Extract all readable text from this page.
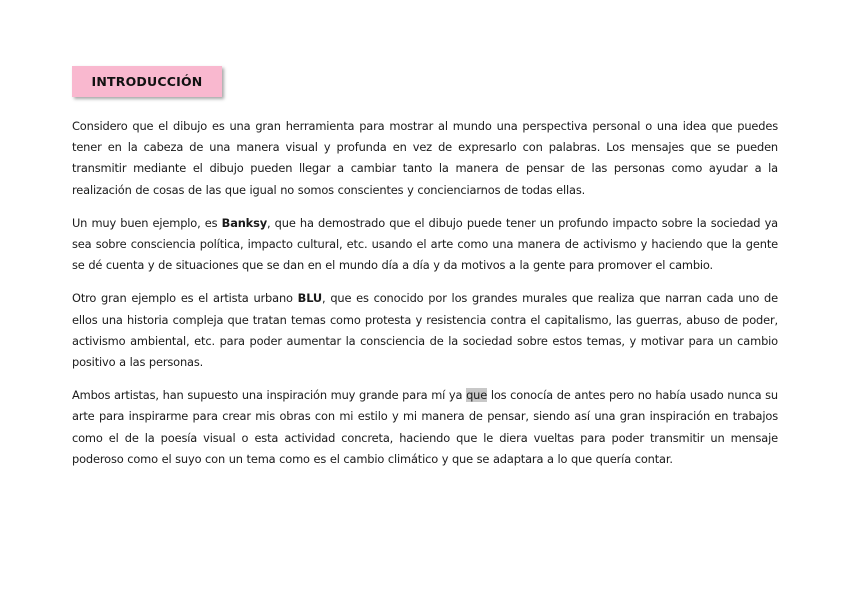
INTRODUCCIÓN

Considero que el dibujo es una gran herramienta para mostrar al mundo una perspectiva personal o una idea que puedes tener en la cabeza de una manera visual y profunda en vez de expresarlo con palabras. Los mensajes que se pueden transmitir mediante el dibujo pueden llegar a cambiar tanto la manera de pensar de las personas como ayudar a la realización de cosas de las que igual no somos conscientes y concienciarnos de todas ellas.

Un muy buen ejemplo, es Banksy, que ha demostrado que el dibujo puede tener un profundo impacto sobre la sociedad ya sea sobre consciencia política, impacto cultural, etc. usando el arte como una manera de activismo y haciendo que la gente se dé cuenta y de situaciones que se dan en el mundo día a día y da motivos a la gente para promover el cambio.

Otro gran ejemplo es el artista urbano BLU, que es conocido por los grandes murales que realiza que narran cada uno de ellos una historia compleja que tratan temas como protesta y resistencia contra el capitalismo, las guerras, abuso de poder, activismo ambiental, etc. para poder aumentar la consciencia de la sociedad sobre estos temas, y motivar para un cambio positivo a las personas.

Ambos artistas, han supuesto una inspiración muy grande para mí ya que los conocía de antes pero no había usado nunca su arte para inspirarme para crear mis obras con mi estilo y mi manera de pensar, siendo así una gran inspiración en trabajos como el de la poesía visual o esta actividad concreta, haciendo que le diera vueltas para poder transmitir un mensaje poderoso como el suyo con un tema como es el cambio climático y que se adaptara a lo que quería contar.
